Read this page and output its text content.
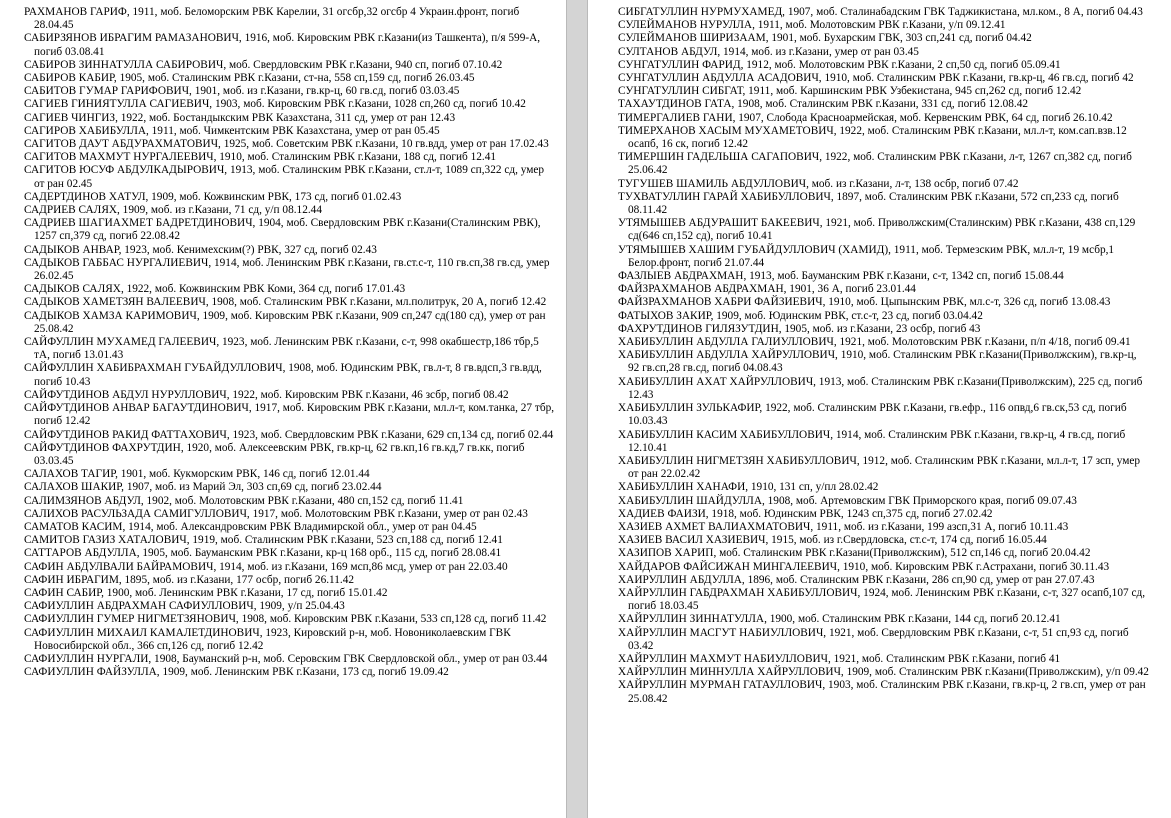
РАХМАНОВ ГАРИФ, 1911, моб. Беломорским РВК Карелии, 31 огсбр,32 огсбр 4 Украин.фронт, погиб 28.04.45

САБИРЗЯНОВ ИБРАГИМ РАМАЗАНОВИЧ, 1916, моб. Кировским РВК г.Казани(из Ташкента), п/я 599-А, погиб 03.08.41

САБИРОВ ЗИННАТУЛЛА САБИРОВИЧ, моб. Свердловским РВК г.Казани, 940 сп, погиб 07.10.42

САБИРОВ КАБИР, 1905, моб. Сталинским РВК г.Казани, ст-на, 558 сп,159 сд, погиб 26.03.45

САБИТОВ ГУМАР ГАРИФОВИЧ, 1901, моб. из г.Казани, гв.кр-ц, 60 гв.сд, погиб 03.03.45

САГИЕВ ГИНИЯТУЛЛА САГИЕВИЧ, 1903, моб. Кировским РВК г.Казани, 1028 сп,260 сд, погиб 10.42

САГИЕВ ЧИНГИЗ, 1922, моб. Бостандыкским РВК Казахстана, 311 сд, умер от ран 12.43

САГИРОВ ХАБИБУЛЛА, 1911, моб. Чимкентским РВК Казахстана, умер от ран 05.45

САГИТОВ ДАУТ АБДУРАХМАТОВИЧ, 1925, моб. Советским РВК г.Казани, 10 гв.вдд, умер от ран 17.02.43

САГИТОВ МАХМУТ НУРГАЛЕЕВИЧ, 1910, моб. Сталинским РВК г.Казани, 188 сд, погиб 12.41

САГИТОВ ЮСУФ АБДУЛКАДЫРОВИЧ, 1913, моб. Сталинским РВК г.Казани, ст.л-т, 1089 сп,322 сд, умер от ран 02.45

САДЕРТДИНОВ ХАТУЛ, 1909, моб. Кожвинским РВК, 173 сд, погиб 01.02.43

САДРИЕВ САЛЯХ, 1909, моб. из г.Казани, 71 сд, у/п 08.12.44

САДРИЕВ ШАГИАХМЕТ БАДРЕТДИНОВИЧ, 1904, моб. Свердловским РВК г.Казани(Сталинским РВК), 1257 сп,379 сд, погиб 22.08.42

САДЫКОВ АНВАР, 1923, моб. Кенимехским(?) РВК, 327 сд, погиб 02.43

САДЫКОВ ГАББАС НУРГАЛИЕВИЧ, 1914, моб. Ленинским РВК г.Казани, гв.ст.с-т, 110 гв.сп,38 гв.сд, умер 26.02.45

САДЫКОВ САЛЯХ, 1922, моб. Кожвинским РВК Коми, 364 сд, погиб 17.01.43

САДЫКОВ ХАМЕТЗЯН ВАЛЕЕВИЧ, 1908, моб. Сталинским РВК г.Казани, мл.политрук, 20 А, погиб 12.42

САДЫКОВ ХАМЗА КАРИМОВИЧ, 1909, моб. Кировским РВК г.Казани, 909 сп,247 сд(180 сд), умер от ран 25.08.42

САЙФУЛЛИН МУХАМЕД ГАЛЕЕВИЧ, 1923, моб. Ленинским РВК г.Казани, с-т, 998 окабшестр,186 тбр,5 тА, погиб 13.01.43

САЙФУЛЛИН ХАБИБРАХМАН ГУБАЙДУЛЛОВИЧ, 1908, моб. Юдинским РВК, гв.л-т, 8 гв.вдсп,3 гв.вдд, погиб 10.43

САЙФУТДИНОВ АБДУЛ НУРУЛЛОВИЧ, 1922, моб. Кировским РВК г.Казани, 46 зсбр, погиб 08.42

САЙФУТДИНОВ АНВАР БАГАУТДИНОВИЧ, 1917, моб. Кировским РВК г.Казани, мл.л-т, ком.танка, 27 тбр, погиб 12.42

САЙФУТДИНОВ РАКИД ФАТТАХОВИЧ, 1923, моб. Свердловским РВК г.Казани, 629 сп,134 сд, погиб 02.44

САЙФУТДИНОВ ФАХРУТДИН, 1920, моб. Алексеевским РВК, гв.кр-ц, 62 гв.кп,16 гв.кд,7 гв.кк, погиб 03.03.45

САЛАХОВ ТАГИР, 1901, моб. Кукморским РВК, 146 сд, погиб 12.01.44

САЛАХОВ ШАКИР, 1907, моб. из Марий Эл, 303 сп,69 сд, погиб 23.02.44

САЛИМЗЯНОВ АБДУЛ, 1902, моб. Молотовским РВК г.Казани, 480 сп,152 сд, погиб 11.41

САЛИХОВ РАСУЛЬЗАДА САМИГУЛЛОВИЧ, 1917, моб. Молотовским РВК г.Казани, умер от ран 02.43

САМАТОВ КАСИМ, 1914, моб. Александровским РВК Владимирской обл., умер от ран 04.45

САМИТОВ ГАЗИЗ ХАТАЛОВИЧ, 1919, моб. Сталинским РВК г.Казани, 523 сп,188 сд, погиб 12.41

САТТАРОВ АБДУЛЛА, 1905, моб. Бауманским РВК г.Казани, кр-ц 168 орб., 115 сд, погиб 28.08.41

САФИН АБДУЛВАЛИ БАЙРАМОВИЧ, 1914, моб. из г.Казани, 169 мсп,86 мсд, умер от ран 22.03.40

САФИН ИБРАГИМ, 1895, моб. из г.Казани, 177 осбр, погиб 26.11.42

САФИН САБИР, 1900, моб. Ленинским РВК г.Казани, 17 сд, погиб 15.01.42

САФИУЛЛИН АБДРАХМАН САФИУЛЛОВИЧ, 1909, у/п 25.04.43

САФИУЛЛИН ГУМЕР НИГМЕТЗЯНОВИЧ, 1908, моб. Кировским РВК г.Казани, 533 сп,128 сд, погиб 11.42

САФИУЛЛИН МИХАИЛ КАМАЛЕТДИНОВИЧ, 1923, Кировский р-н, моб. Новониколаевским ГВК Новосибирской обл., 366 сп,126 сд, погиб 12.42

САФИУЛЛИН НУРГАЛИ, 1908, Бауманский р-н, моб. Серовским ГВК Свердловской обл., умер от ран 03.44

САФИУЛЛИН ФАЙЗУЛЛА, 1909, моб. Ленинским РВК г.Казани, 173 сд, погиб 19.09.42

СИБГАТУЛЛИН НУРМУХАМЕД, 1907, моб. Сталинабадским ГВК Таджикистана, мл.ком., 8 А, погиб 04.43

СУЛЕЙМАНОВ НУРУЛЛА, 1911, моб. Молотовским РВК г.Казани, у/п 09.12.41

СУЛЕЙМАНОВ ШИРИЗААМ, 1901, моб. Бухарским ГВК, 303 сп,241 сд, погиб 04.42

СУЛТАНОВ АБДУЛ, 1914, моб. из г.Казани, умер от ран 03.45

СУНГАТУЛЛИН ФАРИД, 1912, моб. Молотовским РВК г.Казани, 2 сп,50 сд, погиб 05.09.41

СУНГАТУЛЛИН АБДУЛЛА АСАДОВИЧ, 1910, моб. Сталинским РВК г.Казани, гв.кр-ц, 46 гв.сд, погиб 42

СУНГАТУЛЛИН СИБГАТ, 1911, моб. Каршинским РВК Узбекистана, 945 сп,262 сд, погиб 12.42

ТАХАУТДИНОВ ГАТА, 1908, моб. Сталинским РВК г.Казани, 331 сд, погиб 12.08.42

ТИМЕРГАЛИЕВ ГАНИ, 1907, Слобода Красноармейская, моб. Кервенским РВК, 64 сд, погиб 26.10.42

ТИМЕРХАНОВ ХАСЫМ МУХАМЕТОВИЧ, 1922, моб. Сталинским РВК г.Казани, мл.л-т, ком.сап.взв.12 осапб, 16 ск, погиб 12.42

ТИМЕРШИН ГАДЕЛЬША САГАПОВИЧ, 1922, моб. Сталинским РВК г.Казани, л-т, 1267 сп,382 сд, погиб 25.06.42

ТУГУШЕВ ШАМИЛЬ АБДУЛЛОВИЧ, моб. из г.Казани, л-т, 138 осбр, погиб 07.42

ТУХВАТУЛЛИН ГАРАЙ ХАБИБУЛЛОВИЧ, 1897, моб. Сталинским РВК г.Казани, 572 сп,233 сд, погиб 08.11.42

УТЯМЫШЕВ АБДУРАШИТ БАКЕЕВИЧ, 1921, моб. Приволжским(Сталинским) РВК г.Казани, 438 сп,129 сд(646 сп,152 сд), погиб 10.41

УТЯМЫШЕВ ХАШИМ ГУБАЙДУЛЛОВИЧ (ХАМИД), 1911, моб. Термезским РВК, мл.л-т, 19 мсбр,1 Белор.фронт, погиб 21.07.44

ФАЗЛЫЕВ АБДРАХМАН, 1913, моб. Бауманским РВК г.Казани, с-т, 1342 сп, погиб 15.08.44

ФАЙЗРАХМАНОВ АБДРАХМАН, 1901, 36 А, погиб 23.01.44

ФАЙЗРАХМАНОВ ХАБРИ ФАЙЗИЕВИЧ, 1910, моб. Цыпынским РВК, мл.с-т, 326 сд, погиб 13.08.43

ФАТЫХОВ ЗАКИР, 1909, моб. Юдинским РВК, ст.с-т, 23 сд, погиб 03.04.42

ФАХРУТДИНОВ ГИЛЯЗУТДИН, 1905, моб. из г.Казани, 23 осбр, погиб 43

ХАБИБУЛЛИН АБДУЛЛА ГАЛИУЛЛОВИЧ, 1921, моб. Молотовским РВК г.Казани, п/п 4/18, погиб 09.41

ХАБИБУЛЛИН АБДУЛЛА ХАЙРУЛЛОВИЧ, 1910, моб. Сталинским РВК г.Казани(Приволжским), гв.кр-ц, 92 гв.сп,28 гв.сд, погиб 04.08.43

ХАБИБУЛЛИН АХАТ ХАЙРУЛЛОВИЧ, 1913, моб. Сталинским РВК г.Казани(Приволжским), 225 сд, погиб 12.43

ХАБИБУЛЛИН ЗУЛЬКАФИР, 1922, моб. Сталинским РВК г.Казани, гв.ефр., 116 опвд,6 гв.ск,53 сд, погиб 10.03.43

ХАБИБУЛЛИН КАСИМ ХАБИБУЛЛОВИЧ, 1914, моб. Сталинским РВК г.Казани, гв.кр-ц, 4 гв.сд, погиб 12.10.41

ХАБИБУЛЛИН НИГМЕТЗЯН ХАБИБУЛЛОВИЧ, 1912, моб. Сталинским РВК г.Казани, мл.л-т, 17 зсп, умер от ран 22.02.42

ХАБИБУЛЛИН ХАНАФИ, 1910, 131 сп, у/пл 28.02.42

ХАБИБУЛЛИН ШАЙДУЛЛА, 1908, моб. Артемовским ГВК Приморского края, погиб 09.07.43

ХАДИЕВ ФАИЗИ, 1918, моб. Юдинским РВК, 1243 сп,375 сд, погиб 27.02.42

ХАЗИЕВ АХМЕТ ВАЛИАХМАТОВИЧ, 1911, моб. из г.Казани, 199 азсп,31 А, погиб 10.11.43

ХАЗИЕВ ВАСИЛ ХАЗИЕВИЧ, 1915, моб. из г.Свердловска, ст.с-т, 174 сд, погиб 16.05.44

ХАЗИПОВ ХАРИП, моб. Сталинским РВК г.Казани(Приволжским), 512 сп,146 сд, погиб 20.04.42

ХАЙДАРОВ ФАЙСИЖАН МИНГАЛЕЕВИЧ, 1910, моб. Кировским РВК г.Астрахани, погиб 30.11.43

ХАИРУЛЛИН АБДУЛЛА, 1896, моб. Сталинским РВК г.Казани, 286 сп,90 сд, умер от ран 27.07.43

ХАЙРУЛЛИН ГАБДРАХМАН ХАБИБУЛЛОВИЧ, 1924, моб. Ленинским РВК г.Казани, с-т, 327 осапб,107 сд, погиб 18.03.45

ХАЙРУЛЛИН ЗИННАТУЛЛА, 1900, моб. Сталинским РВК г.Казани, 144 сд, погиб 20.12.41

ХАЙРУЛЛИН МАСГУТ НАБИУЛЛОВИЧ, 1921, моб. Свердловским РВК г.Казани, с-т, 51 сп,93 сд, погиб 03.42

ХАЙРУЛЛИН МАХМУТ НАБИУЛЛОВИЧ, 1921, моб. Сталинским РВК г.Казани, погиб 41

ХАЙРУЛЛИН МИННУЛЛА ХАЙРУЛЛОВИЧ, 1909, моб. Сталинским РВК г.Казани(Приволжским), у/п 09.42

ХАЙРУЛЛИН МУРМАН ГАТАУЛЛОВИЧ, 1903, моб. Сталинским РВК г.Казани, гв.кр-ц, 2 гв.сп, умер от ран 25.08.42
